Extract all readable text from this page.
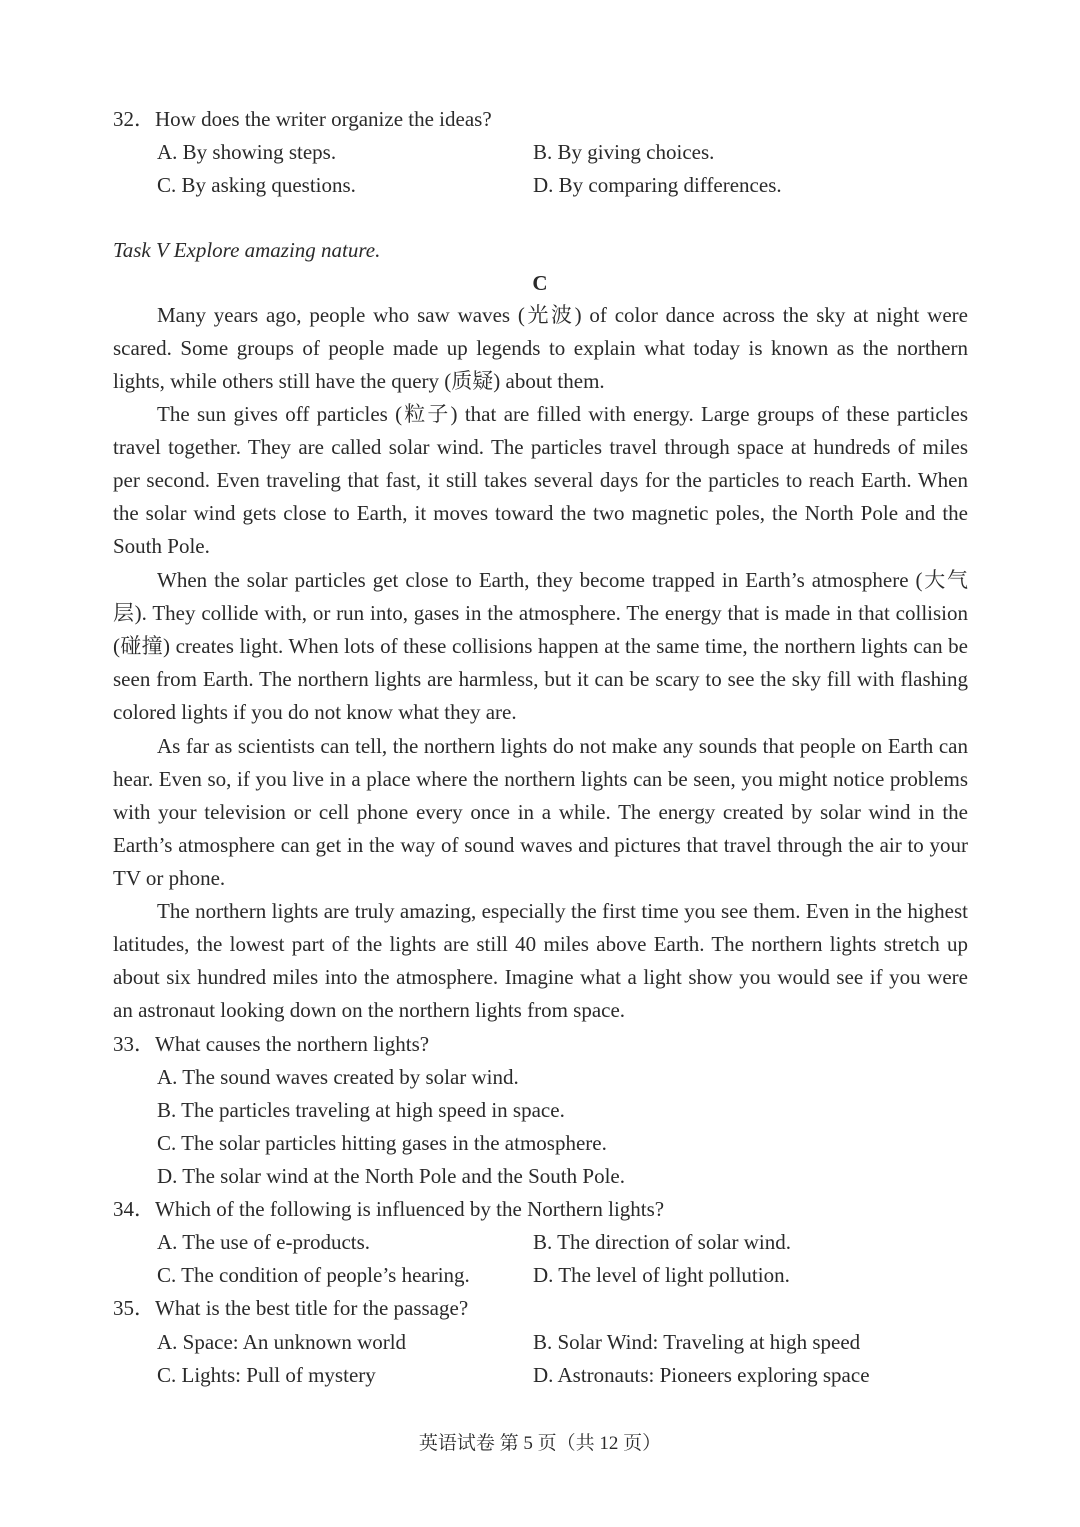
32．How does the writer organize the ideas?
A. By showing steps.	B. By giving choices.
C. By asking questions.	D. By comparing differences.
Task V Explore amazing nature.
C

Many years ago, people who saw waves (光波) of color dance across the sky at night were scared. Some groups of people made up legends to explain what today is known as the northern lights, while others still have the query (质疑) about them.

The sun gives off particles (粒子) that are filled with energy. Large groups of these particles travel together. They are called solar wind. The particles travel through space at hundreds of miles per second. Even traveling that fast, it still takes several days for the particles to reach Earth. When the solar wind gets close to Earth, it moves toward the two magnetic poles, the North Pole and the South Pole.

When the solar particles get close to Earth, they become trapped in Earth’s atmosphere (大气层). They collide with, or run into, gases in the atmosphere. The energy that is made in that collision (碰撞) creates light. When lots of these collisions happen at the same time, the northern lights can be seen from Earth. The northern lights are harmless, but it can be scary to see the sky fill with flashing colored lights if you do not know what they are.

As far as scientists can tell, the northern lights do not make any sounds that people on Earth can hear. Even so, if you live in a place where the northern lights can be seen, you might notice problems with your television or cell phone every once in a while. The energy created by solar wind in the Earth’s atmosphere can get in the way of sound waves and pictures that travel through the air to your TV or phone.

The northern lights are truly amazing, especially the first time you see them. Even in the highest latitudes, the lowest part of the lights are still 40 miles above Earth. The northern lights stretch up about six hundred miles into the atmosphere. Imagine what a light show you would see if you were an astronaut looking down on the northern lights from space.

33．What causes the northern lights?
A. The sound waves created by solar wind.
B. The particles traveling at high speed in space.
C. The solar particles hitting gases in the atmosphere.
D. The solar wind at the North Pole and the South Pole.
34．Which of the following is influenced by the Northern lights?
A. The use of e-products.	B. The direction of solar wind.
C. The condition of people’s hearing.	D. The level of light pollution.
35．What is the best title for the passage?
A. Space: An unknown world	B. Solar Wind: Traveling at high speed
C. Lights: Pull of mystery	D. Astronauts: Pioneers exploring space
英语试卷 第 5 页（共 12 页）
